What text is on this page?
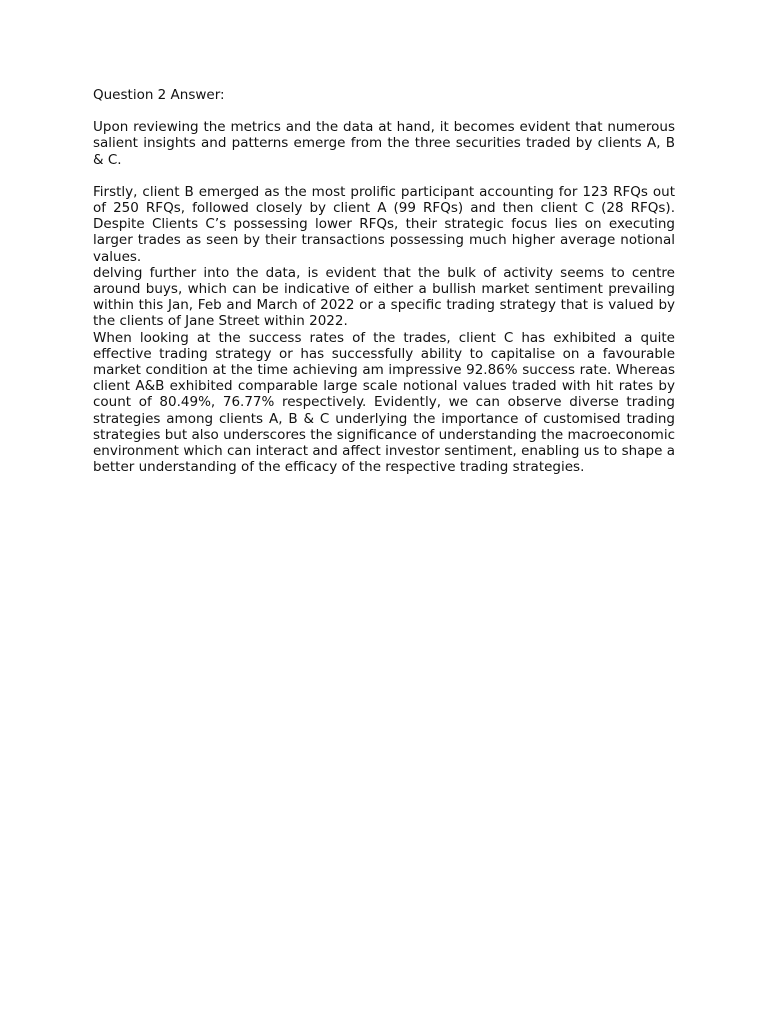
Question 2 Answer:

Upon reviewing the metrics and the data at hand, it becomes evident that numerous salient insights and patterns emerge from the three securities traded by clients A, B & C.

Firstly, client B emerged as the most prolific participant accounting for 123 RFQs out of 250 RFQs, followed closely by client A (99 RFQs) and then client C (28 RFQs). Despite Clients C’s possessing lower RFQs, their strategic focus lies on executing larger trades as seen by their transactions possessing much higher average notional values.

delving further into the data, is evident that the bulk of activity seems to centre around buys, which can be indicative of either a bullish market sentiment prevailing within this Jan, Feb and March of 2022 or a specific trading strategy that is valued by the clients of Jane Street within 2022.

When looking at the success rates of the trades, client C has exhibited a quite effective trading strategy or has successfully ability to capitalise on a favourable market condition at the time achieving am impressive 92.86% success rate. Whereas client A&B exhibited comparable large scale notional values traded with hit rates by count of 80.49%, 76.77% respectively. Evidently, we can observe diverse trading strategies among clients A, B & C underlying the importance of customised trading strategies but also underscores the significance of understanding the macroeconomic environment which can interact and affect investor sentiment, enabling us to shape a better understanding of the efficacy of the respective trading strategies.
